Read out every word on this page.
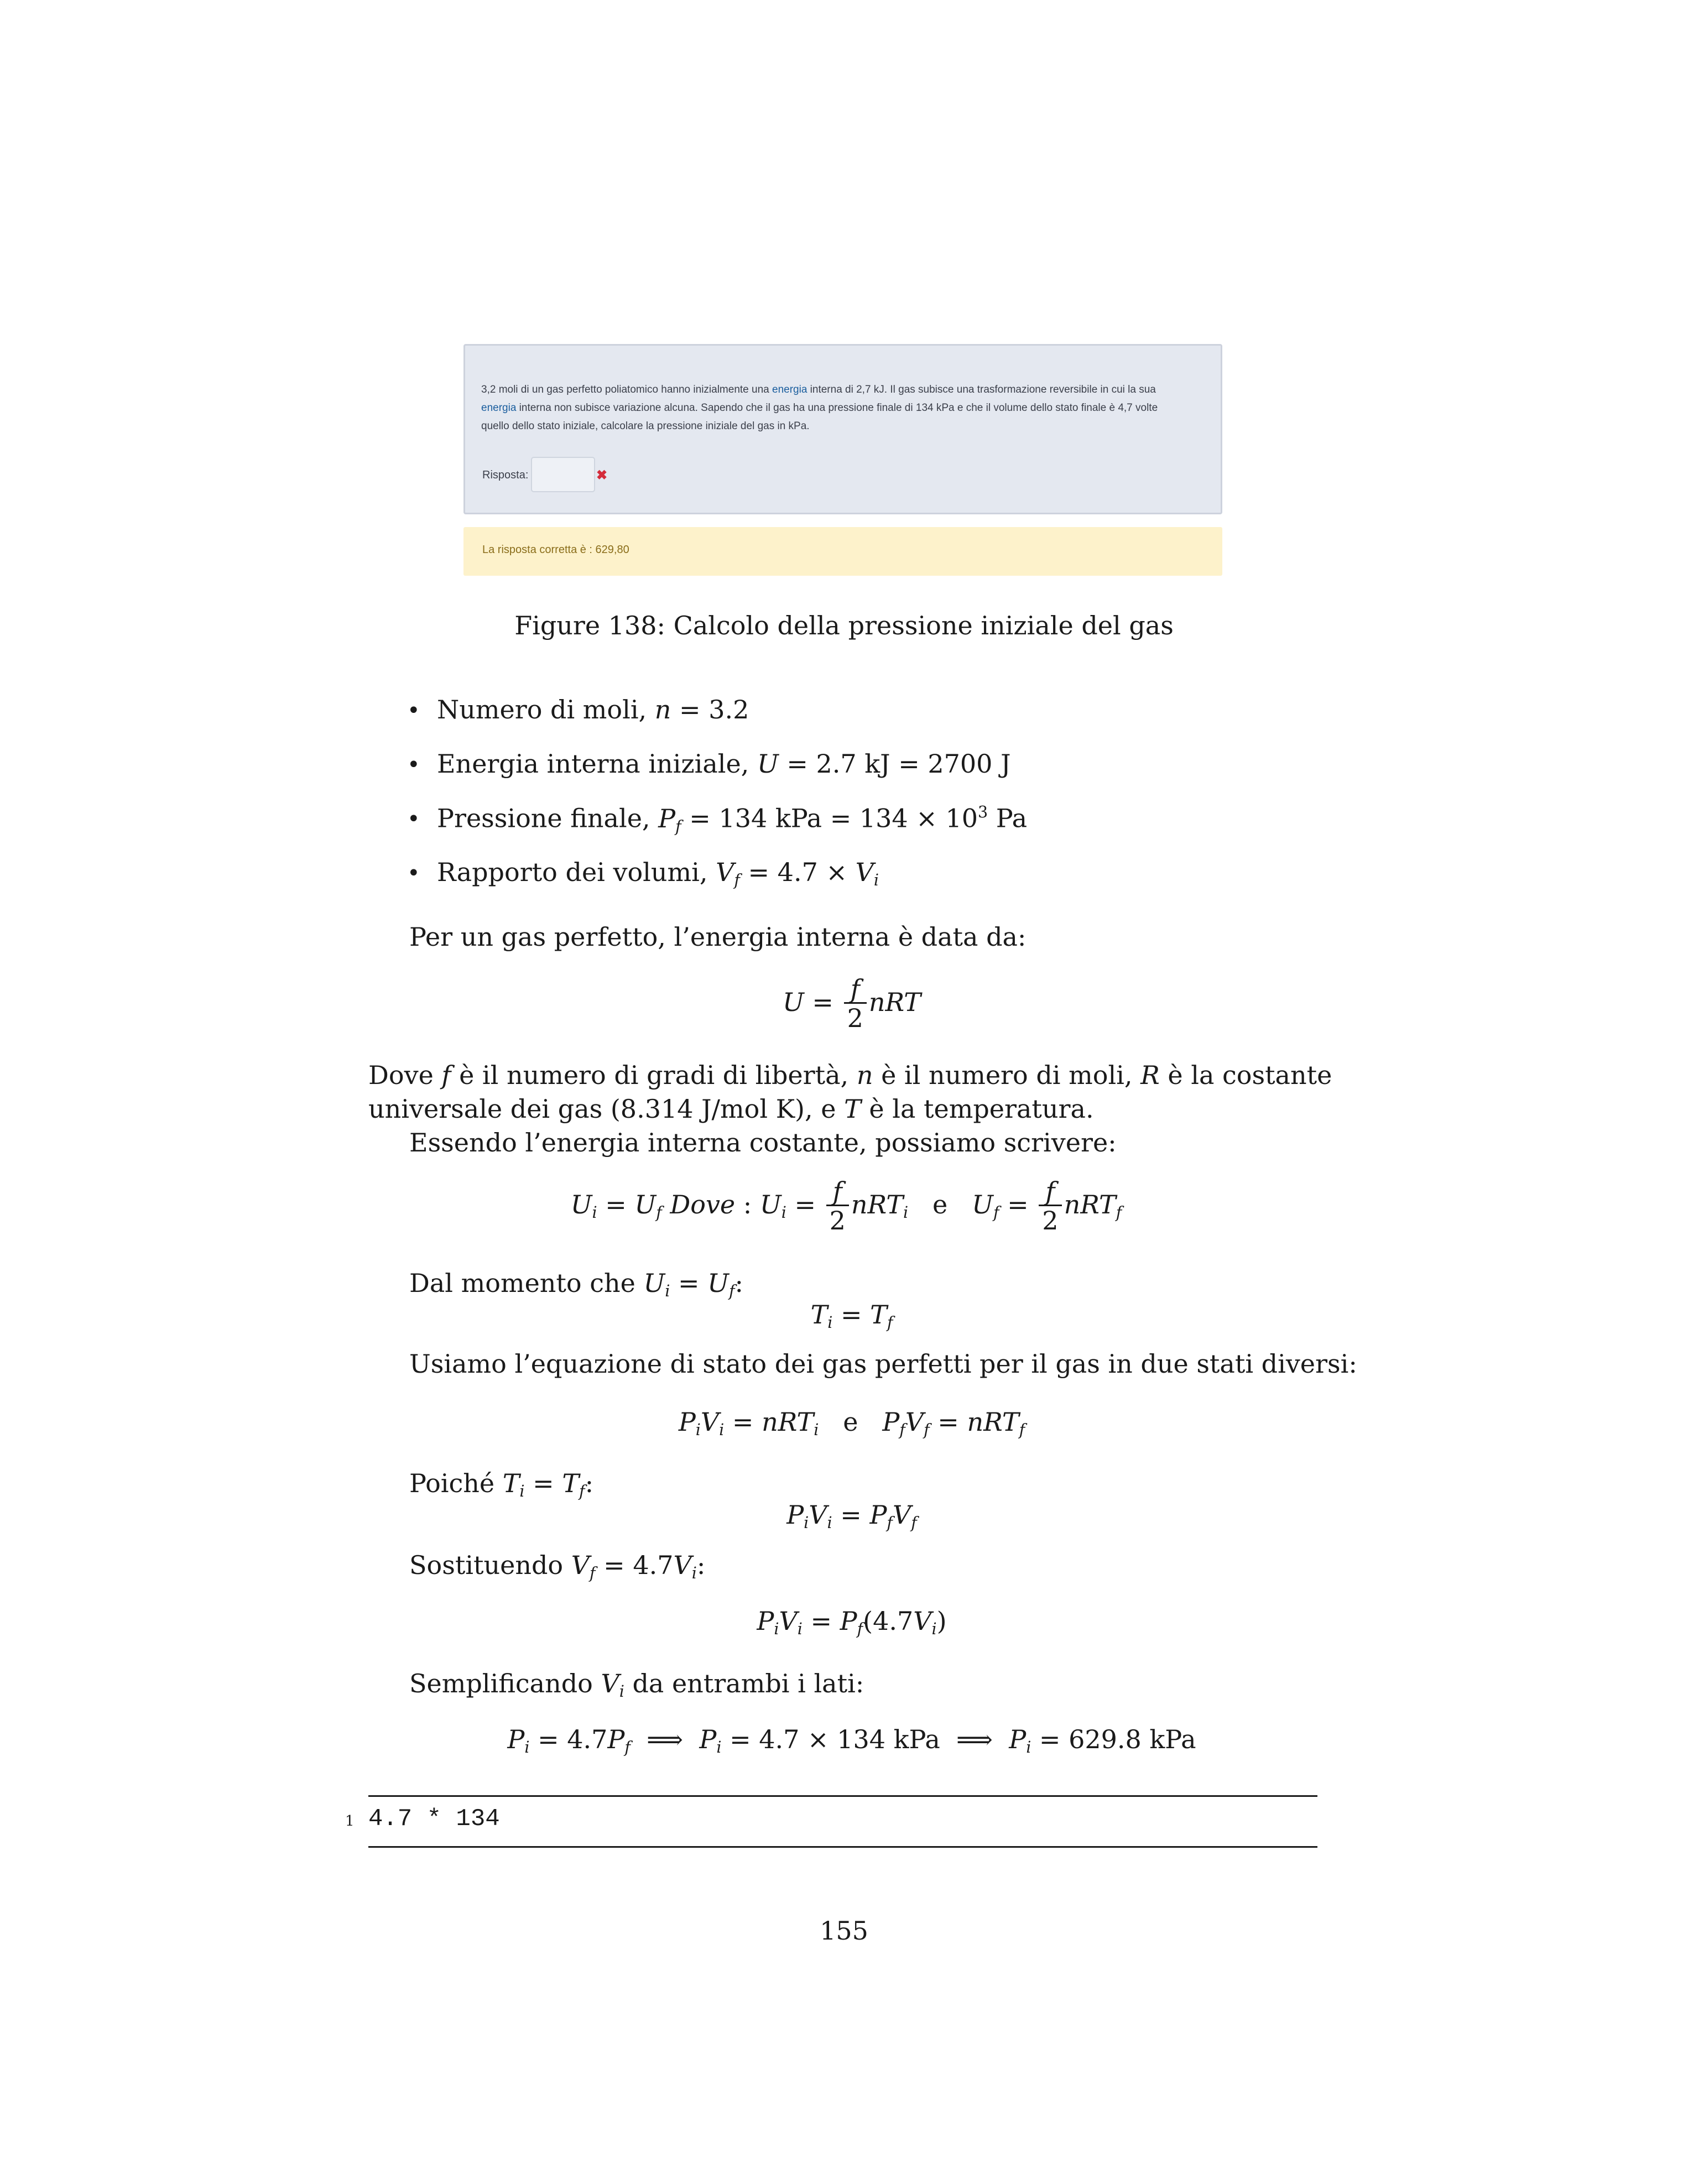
3,2 moli di un gas perfetto poliatomico hanno inizialmente una energia interna di 2,7 kJ. Il gas subisce una trasformazione reversibile in cui la sua
energia interna non subisce variazione alcuna. Sapendo che il gas ha una pressione finale di 134 kPa e che il volume dello stato finale è 4,7 volte
quello dello stato iniziale, calcolare la pressione iniziale del gas in kPa.
Risposta:	✖
La risposta corretta è : 629,80
Figure 138: Calcolo della pressione iniziale del gas
• Numero di moli, n = 3.2
• Energia interna iniziale, U = 2.7 kJ = 2700 J
• Pressione finale, $P_f = 134$ kPa = $134 \times 10^3$ Pa
• Rapporto dei volumi, $V_f = 4.7 \times V_i$
Per un gas perfetto, l’energia interna è data da:
$U = \frac{f}{2}$ nRT
Dove f è il numero di gradi di libertà, n è il numero di moli, R è la costante
universale dei gas (8.314 J/mol K), e T è la temperatura.
Essendo l’energia interna costante, possiamo scrivere:
$U_i = U_f$ Dove : $U_i = \frac{f}{2} nRT_i$ e $U_f = \frac{f}{2} nRT_f$
Dal momento che $U_i = U_f$:
$T_i = T_f$
Usiamo l’equazione di stato dei gas perfetti per il gas in due stati diversi:
$P_iV_i = nRT_i$ e $P_fV_f = nRT_f$
Poiché $T_i = T_f$:
$P_iV_i = P_fV_f$
Sostituendo $V_f = 4.7V_i$:
$P_iV_i = P_f(4.7V_i)$
Semplificando $V_i$ da entrambi i lati:
$P_i = 4.7P_f$  ⟹  $P_i = 4.7 \times 134$ kPa  ⟹  $P_i = 629.8$ kPa
1 4.7 * 134
155
